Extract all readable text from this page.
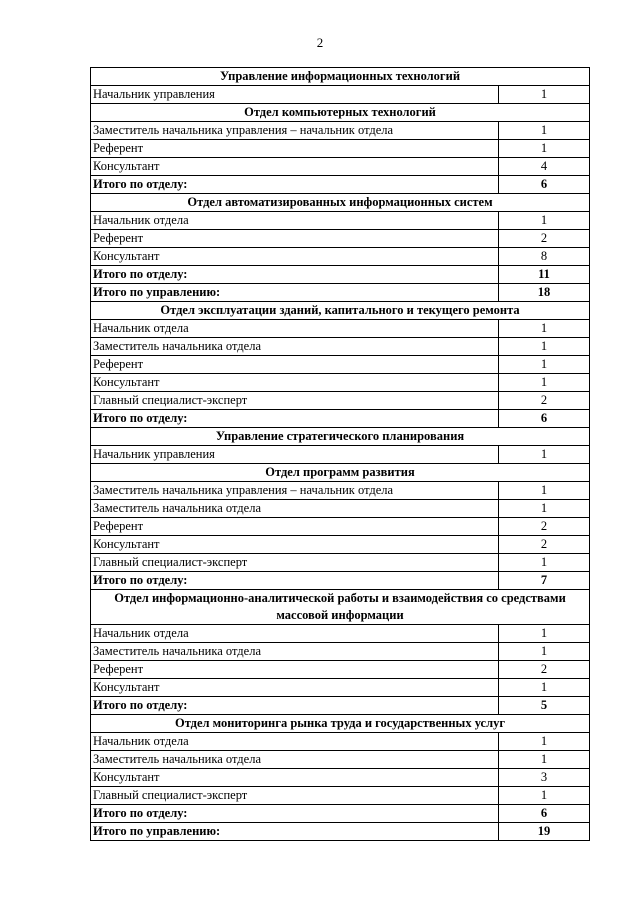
2
Управление информационных технологий	
Начальник управления	1
Отдел компьютерных технологий	
Заместитель начальника управления – начальник отдела	1
Референт	1
Консультант	4
Итого по отделу:	6
Отдел автоматизированных информационных систем	
Начальник отдела	1
Референт	2
Консультант	8
Итого по отделу:	11
Итого по управлению:	18
Отдел эксплуатации зданий, капитального и текущего ремонта	
Начальник отдела	1
Заместитель начальника отдела	1
Референт	1
Консультант	1
Главный специалист-эксперт	2
Итого по отделу:	6
Управление стратегического планирования	
Начальник управления	1
Отдел программ развития	
Заместитель начальника управления – начальник отдела	1
Заместитель начальника отдела	1
Референт	2
Консультант	2
Главный специалист-эксперт	1
Итого по отделу:	7
Отдел информационно-аналитической работы и взаимодействия со средствами массовой информации	
Начальник отдела	1
Заместитель начальника отдела	1
Референт	2
Консультант	1
Итого по отделу:	5
Отдел мониторинга рынка труда и государственных услуг	
Начальник отдела	1
Заместитель начальника отдела	1
Консультант	3
Главный специалист-эксперт	1
Итого по отделу:	6
Итого по управлению:	19
